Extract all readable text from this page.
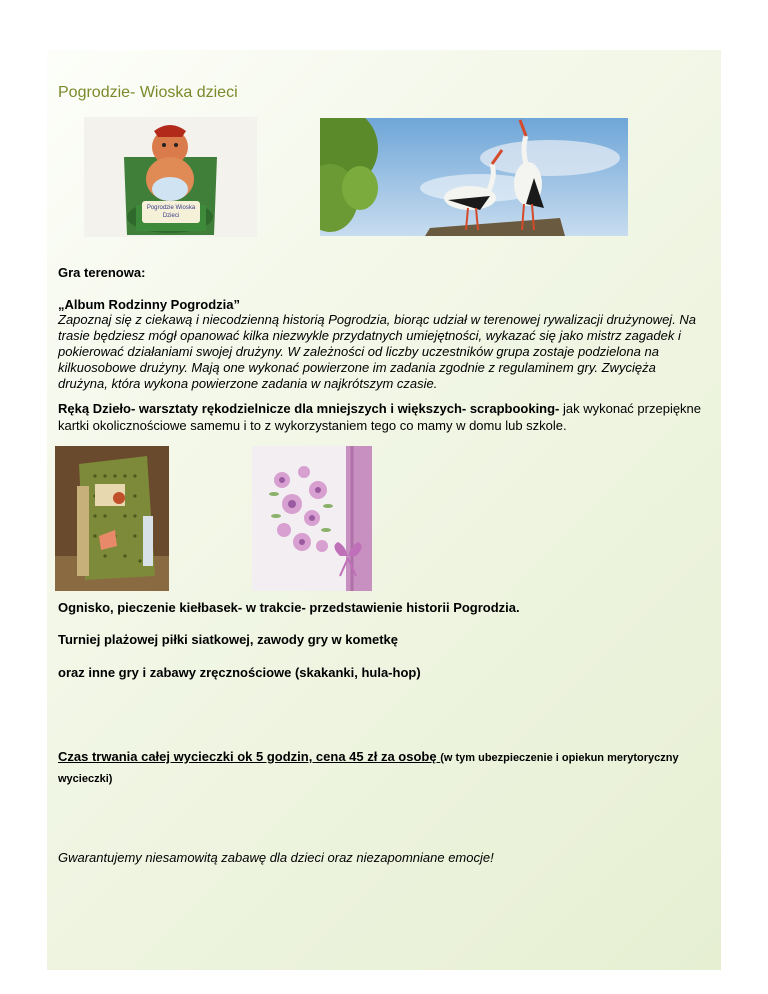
Pogrodzie- Wioska dzieci
Pogrodzie Wioska Dzieci
Gra terenowa:
„Album Rodzinny Pogrodzia”
Zapoznaj się z ciekawą i niecodzienną historią Pogrodzia, biorąc udział w terenowej rywalizacji drużynowej. Na trasie będziesz mógł opanować kilka niezwykle przydatnych umiejętności, wykazać się jako mistrz zagadek i pokierować działaniami swojej drużyny. W zależności od liczby uczestników grupa zostaje podzielona na kilkuosobowe drużyny. Mają one wykonać powierzone im zadania zgodnie z regulaminem gry. Zwycięża drużyna, która wykona powierzone zadania w najkrótszym czasie.
Ręką Dzieło- warsztaty rękodzielnicze dla mniejszych i większych- scrapbooking- jak wykonać przepiękne kartki okolicznościowe samemu i to z wykorzystaniem tego co mamy w domu lub szkole.
Ognisko, pieczenie kiełbasek- w trakcie- przedstawienie historii Pogrodzia.
Turniej plażowej piłki siatkowej, zawody gry w kometkę
oraz inne gry i zabawy zręcznościowe (skakanki, hula-hop)
Czas trwania całej wycieczki ok 5 godzin, cena 45 zł za osobę (w tym ubezpieczenie i opiekun merytoryczny wycieczki)
Gwarantujemy niesamowitą zabawę dla dzieci oraz niezapomniane emocje!
